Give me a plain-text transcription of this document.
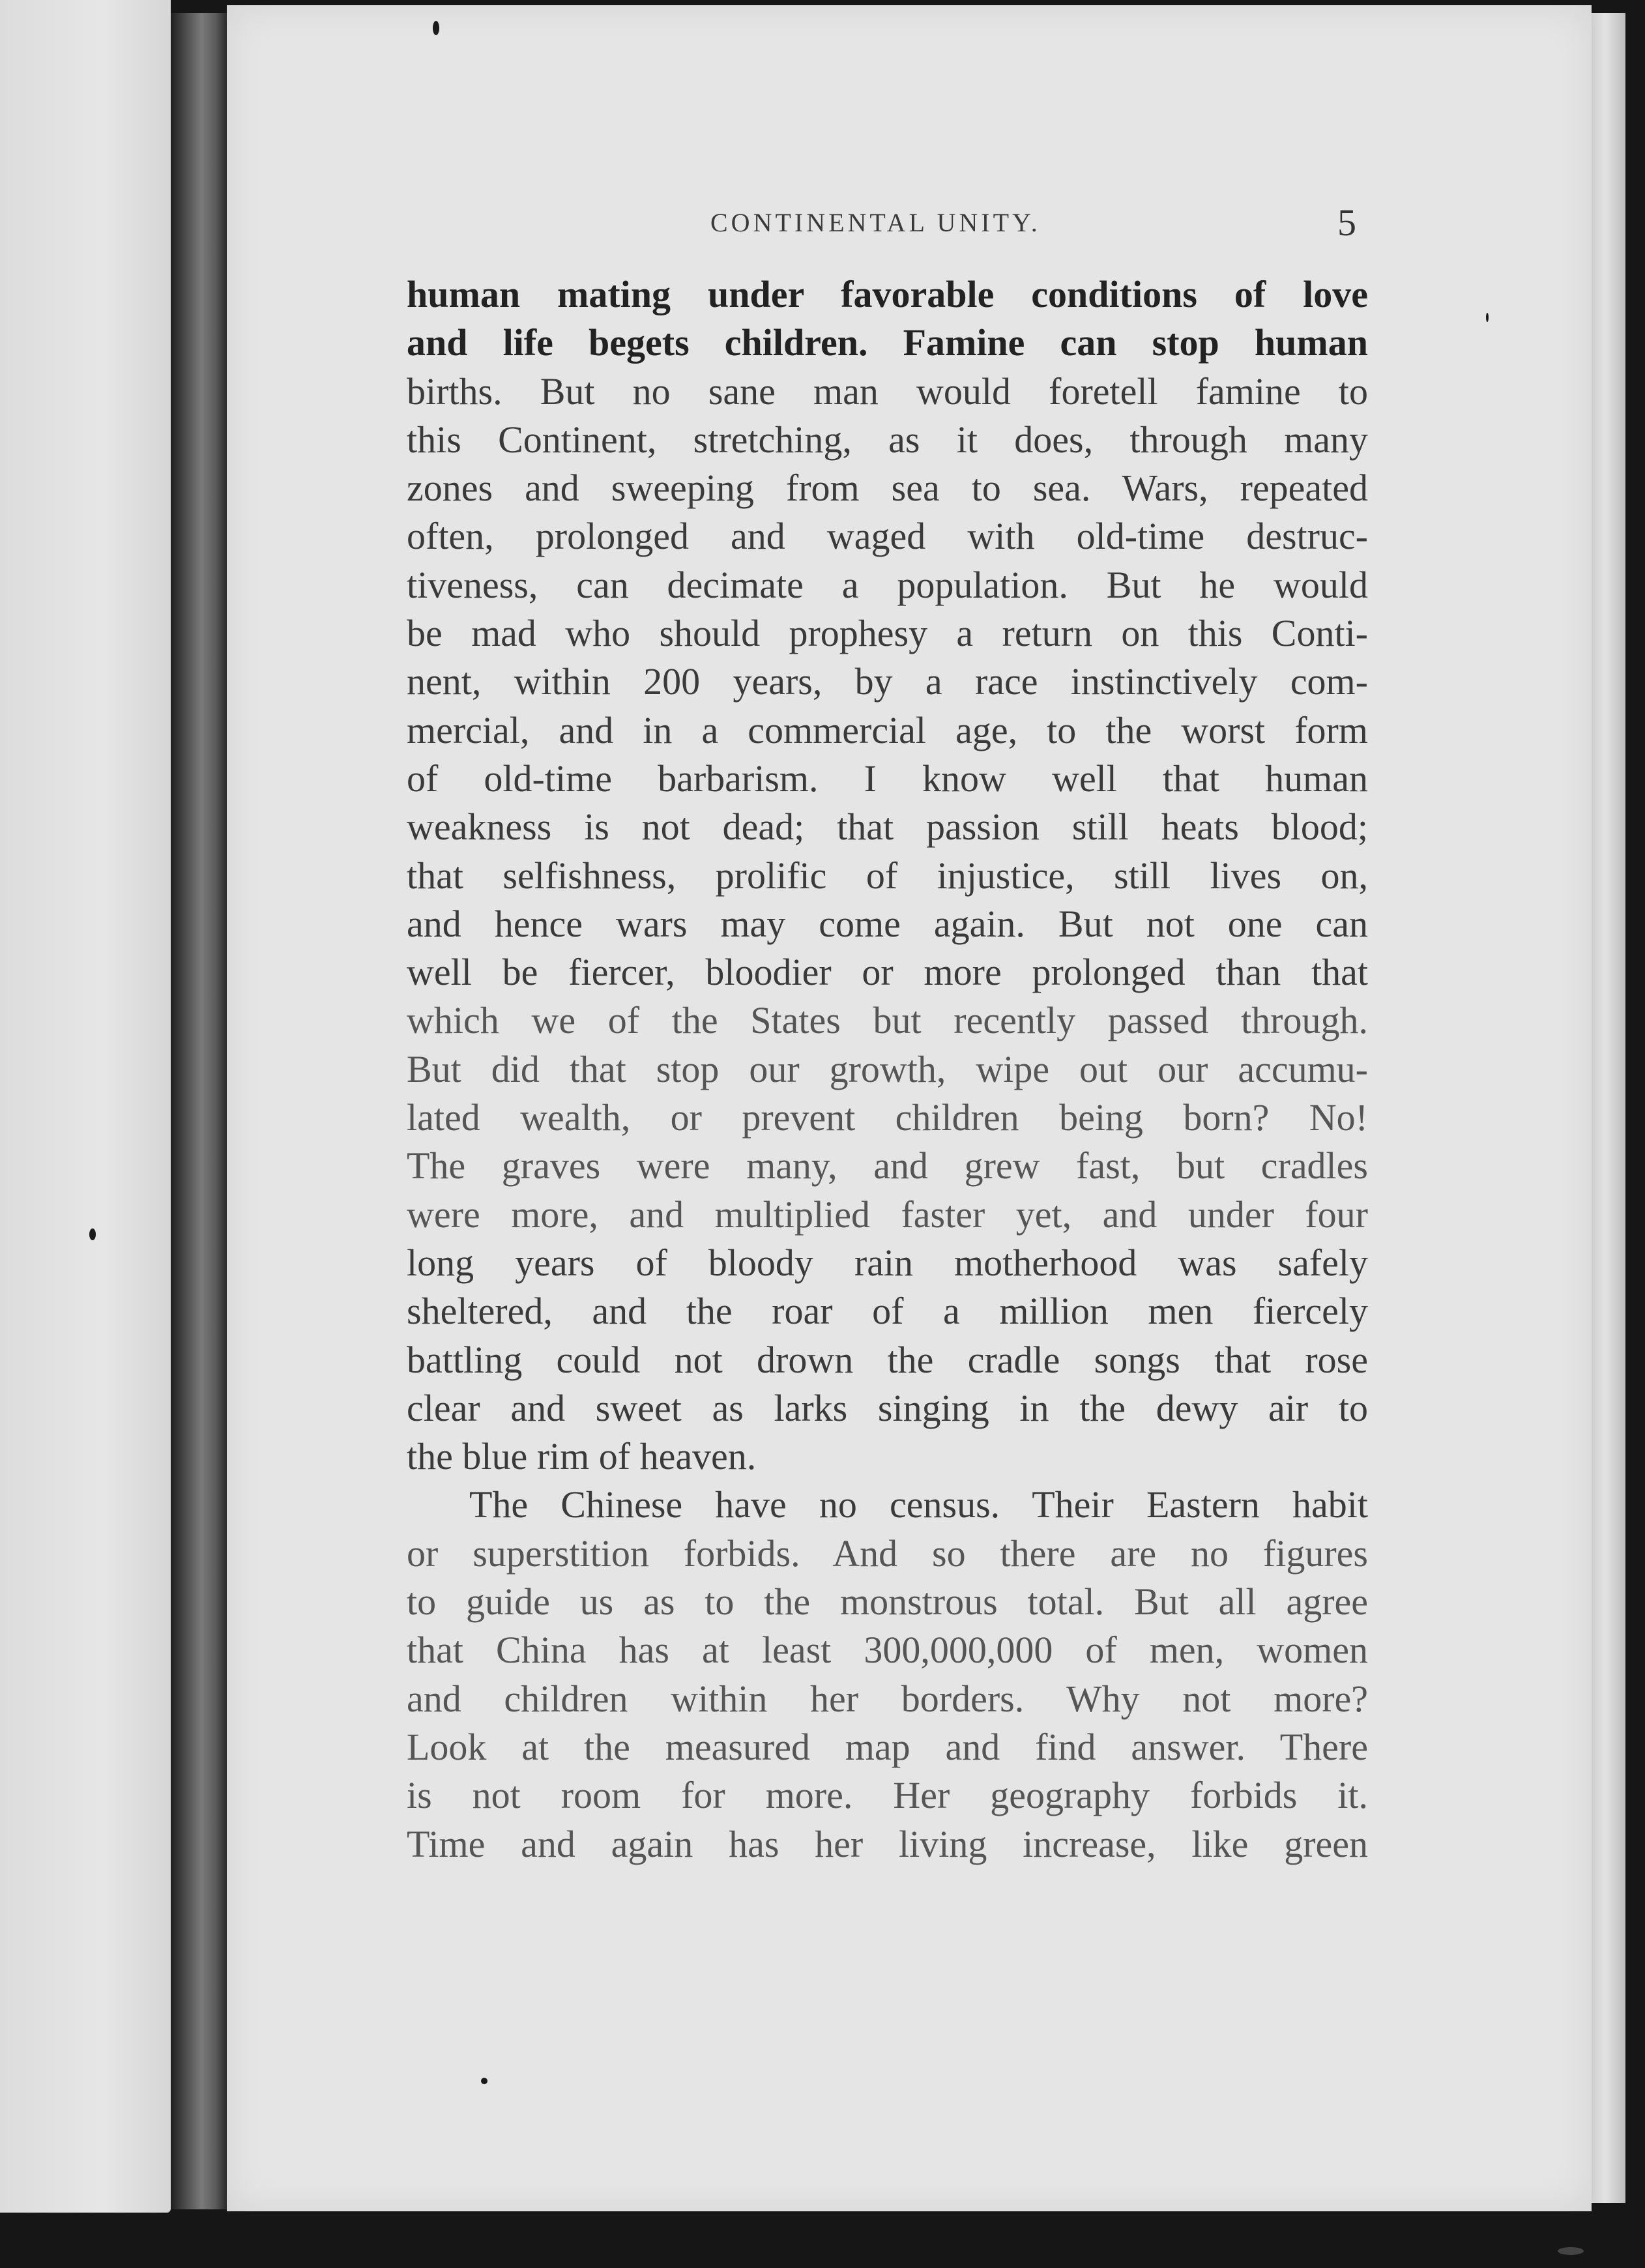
CONTINENTAL UNITY.	5
human mating under favorable conditions of love
and life begets children. Famine can stop human
births. But no sane man would foretell famine to
this Continent, stretching, as it does, through many
zones and sweeping from sea to sea. Wars, repeated
often, prolonged and waged with old-time destruc-
tiveness, can decimate a population. But he would
be mad who should prophesy a return on this Conti-
nent, within 200 years, by a race instinctively com-
mercial, and in a commercial age, to the worst form
of old-time barbarism. I know well that human
weakness is not dead; that passion still heats blood;
that selfishness, prolific of injustice, still lives on,
and hence wars may come again. But not one can
well be fiercer, bloodier or more prolonged than that
which we of the States but recently passed through.
But did that stop our growth, wipe out our accumu-
lated wealth, or prevent children being born? No!
The graves were many, and grew fast, but cradles
were more, and multiplied faster yet, and under four
long years of bloody rain motherhood was safely
sheltered, and the roar of a million men fiercely
battling could not drown the cradle songs that rose
clear and sweet as larks singing in the dewy air to
the blue rim of heaven.
The Chinese have no census. Their Eastern habit
or superstition forbids. And so there are no figures
to guide us as to the monstrous total. But all agree
that China has at least 300,000,000 of men, women
and children within her borders. Why not more?
Look at the measured map and find answer. There
is not room for more. Her geography forbids it.
Time and again has her living increase, like green
